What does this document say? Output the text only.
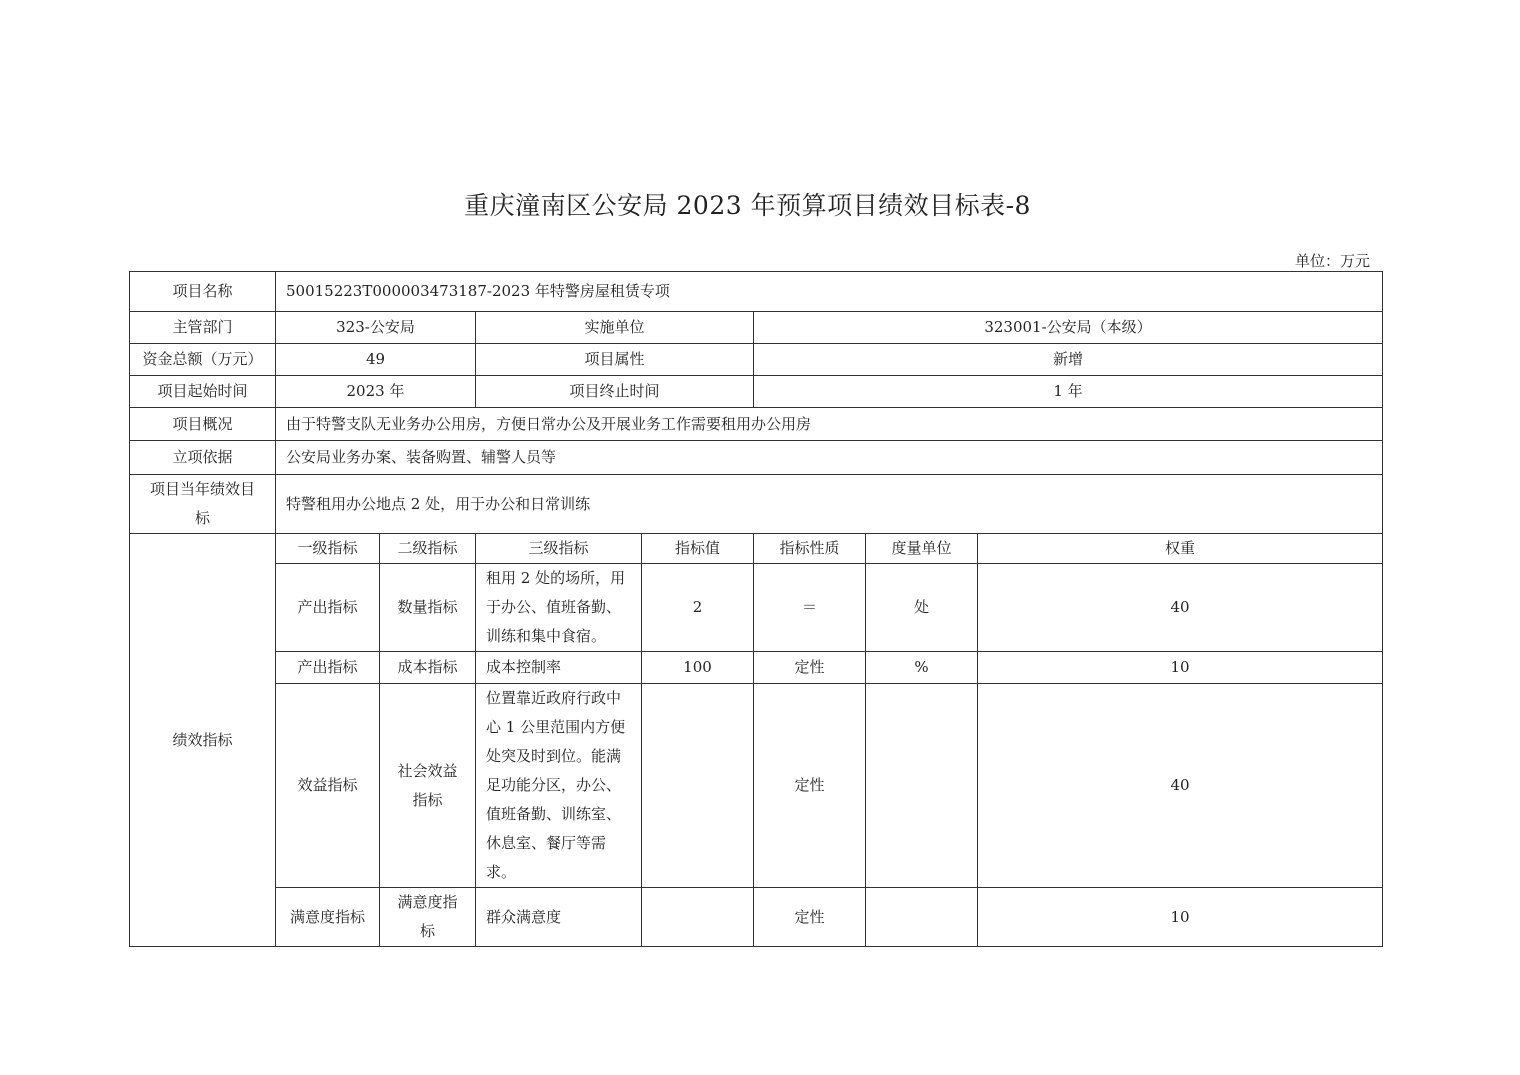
重庆潼南区公安局 2023 年预算项目绩效目标表-8
单位：万元
项目名称	50015223T000003473187-2023 年特警房屋租赁专项						
主管部门	323-公安局		实施单位		323001-公安局（本级）		
资金总额（万元）	49		项目属性		新增		
项目起始时间	2023 年		项目终止时间		1 年		
项目概况	由于特警支队无业务办公用房，方便日常办公及开展业务工作需要租用办公用房						
立项依据	公安局业务办案、装备购置、辅警人员等						
项目当年绩效目标	特警租用办公地点 2 处，用于办公和日常训练						
绩效指标	一级指标	二级指标	三级指标	指标值	指标性质	度量单位	权重
	产出指标	数量指标	租用 2 处的场所，用于办公、值班备勤、训练和集中食宿。	2	＝	处	40
	产出指标	成本指标	成本控制率	100	定性	%	10
	效益指标	社会效益指标	位置靠近政府行政中心 1 公里范围内方便处突及时到位。能满足功能分区，办公、值班备勤、训练室、休息室、餐厅等需求。		定性		40
	满意度指标	满意度指标	群众满意度		定性		10
